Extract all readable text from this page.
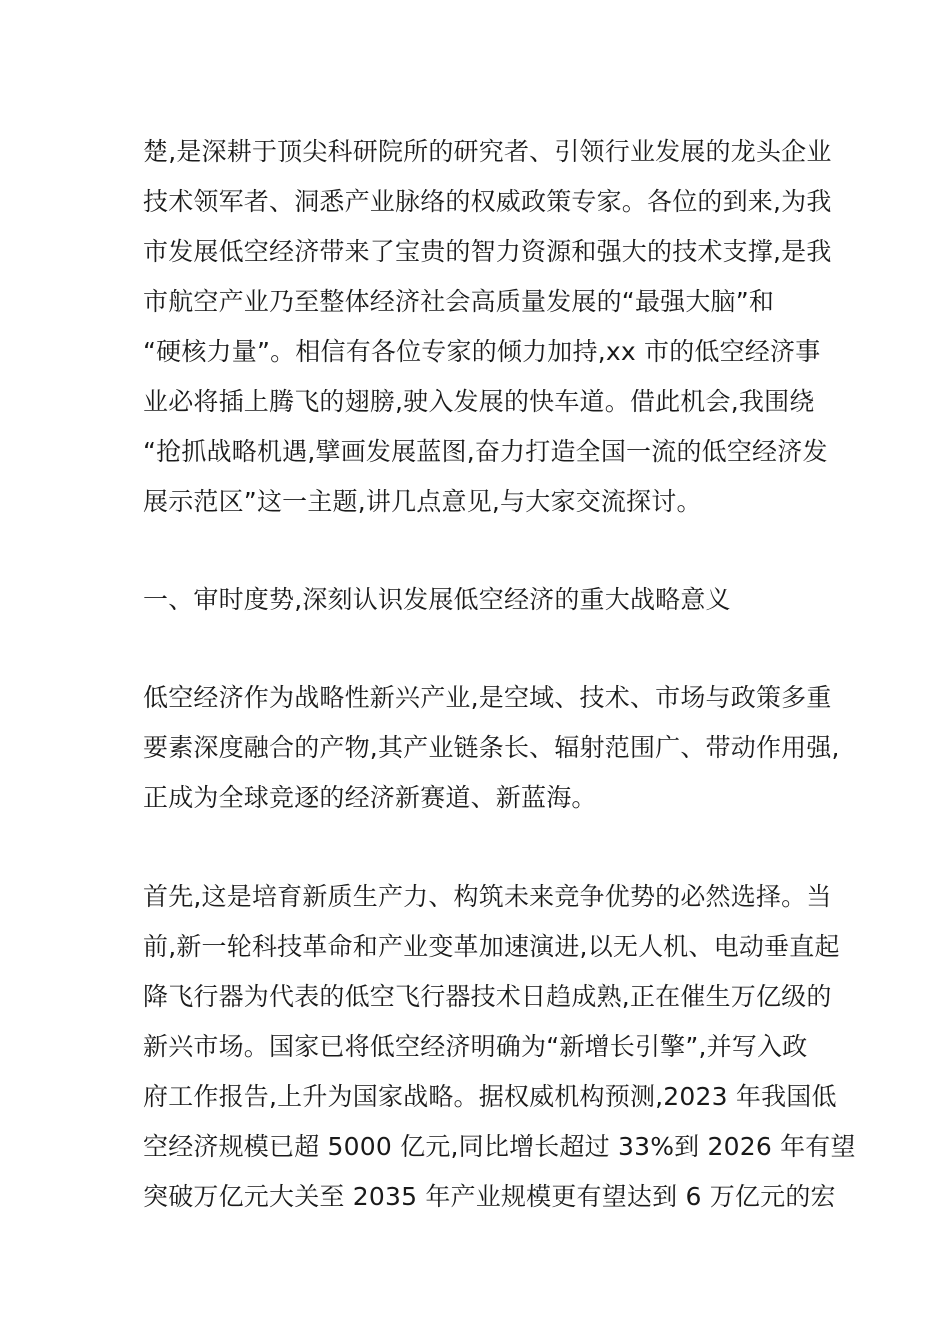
楚,是深耕于顶尖科研院所的研究者、引领行业发展的龙头企业
技术领军者、洞悉产业脉络的权威政策专家。各位的到来,为我
市发展低空经济带来了宝贵的智力资源和强大的技术支撑,是我
市航空产业乃至整体经济社会高质量发展的“最强大脑”和
“硬核力量”。相信有各位专家的倾力加持,xx 市的低空经济事
业必将插上腾飞的翅膀,驶入发展的快车道。借此机会,我围绕
“抢抓战略机遇,擘画发展蓝图,奋力打造全国一流的低空经济发
展示范区”这一主题,讲几点意见,与大家交流探讨。
一、审时度势,深刻认识发展低空经济的重大战略意义
低空经济作为战略性新兴产业,是空域、技术、市场与政策多重
要素深度融合的产物,其产业链条长、辐射范围广、带动作用强,
正成为全球竞逐的经济新赛道、新蓝海。
首先,这是培育新质生产力、构筑未来竞争优势的必然选择。当
前,新一轮科技革命和产业变革加速演进,以无人机、电动垂直起
降飞行器为代表的低空飞行器技术日趋成熟,正在催生万亿级的
新兴市场。国家已将低空经济明确为“新增长引擎”,并写入政
府工作报告,上升为国家战略。据权威机构预测,2023 年我国低
空经济规模已超 5000 亿元,同比增长超过 33%到 2026 年有望
突破万亿元大关至 2035 年产业规模更有望达到 6 万亿元的宏
